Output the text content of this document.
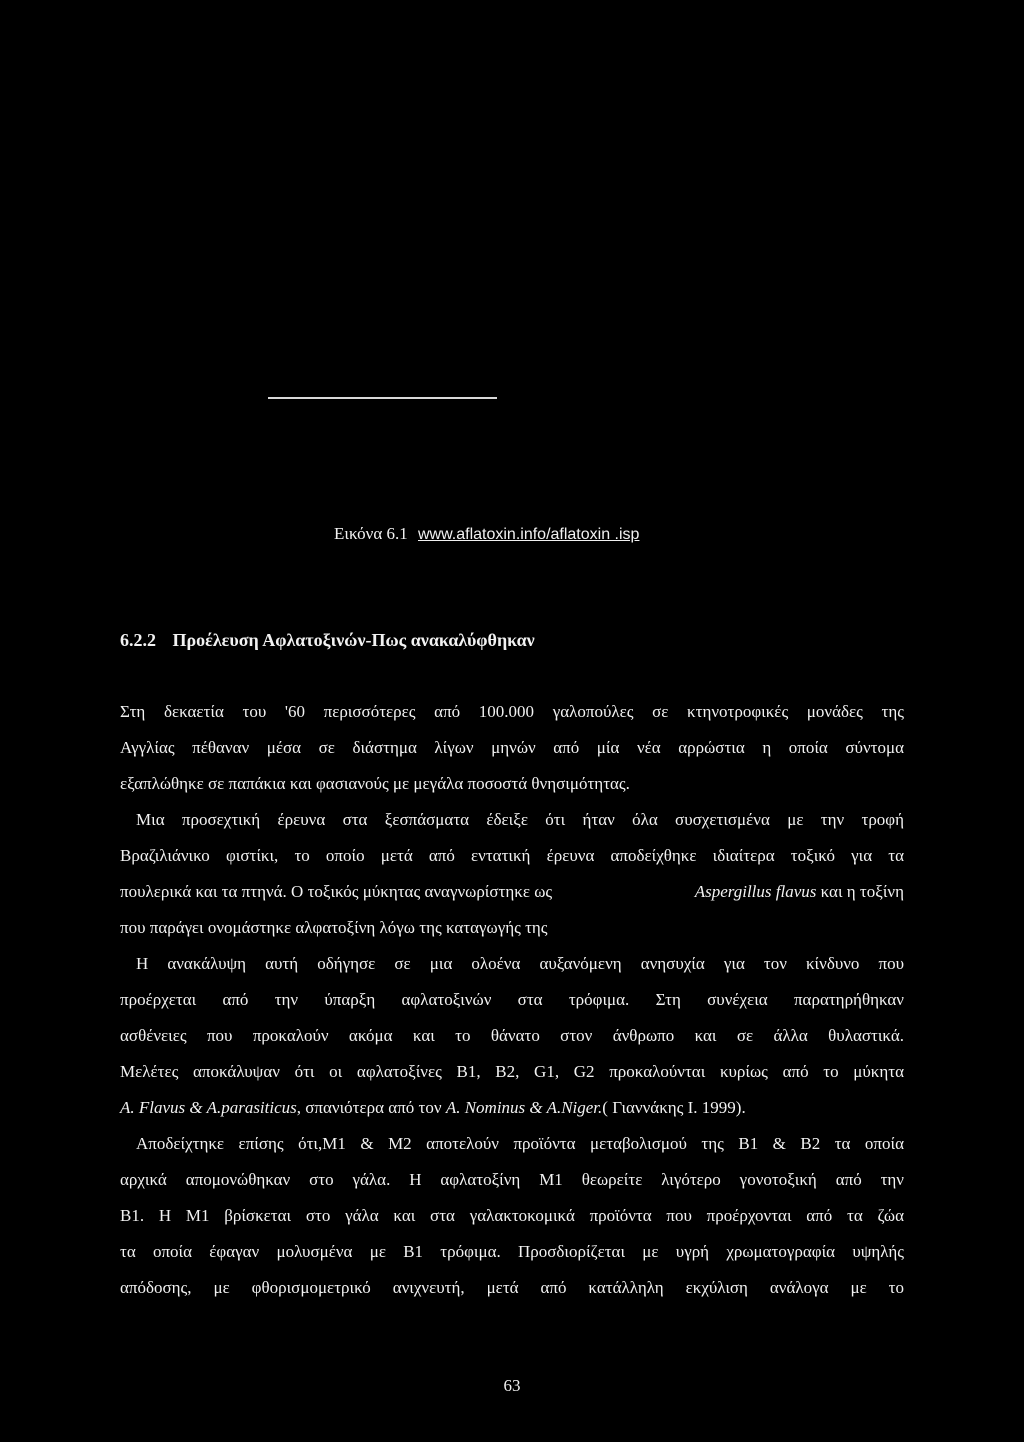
Εικόνα 6.1 www.aflatoxin.info/aflatoxin .isp
6.2.2 Προέλευση Αφλατοξινών-Πως ανακαλύφθηκαν
Στη δεκαετία του '60 περισσότερες από 100.000 γαλοπούλες σε κτηνοτροφικές μονάδες της
Αγγλίας πέθαναν μέσα σε διάστημα λίγων μηνών από μία νέα αρρώστια η οποία σύντομα
εξαπλώθηκε σε παπάκια και φασιανούς με μεγάλα ποσοστά θνησιμότητας.
Μια προσεχτική έρευνα στα ξεσπάσματα έδειξε ότι ήταν όλα συσχετισμένα με την τροφή
Βραζιλιάνικο φιστίκι, το οποίο μετά από εντατική έρευνα αποδείχθηκε ιδιαίτερα τοξικό για τα
πουλερικά και τα πτηνά. Ο τοξικός μύκητας αναγνωρίστηκε ως	Aspergillus flavus και η τοξίνη
που παράγει ονομάστηκε αλφατοξίνη λόγω της καταγωγής της
Η ανακάλυψη αυτή οδήγησε σε μια ολοένα αυξανόμενη ανησυχία για τον κίνδυνο που
προέρχεται από την ύπαρξη αφλατοξινών στα τρόφιμα. Στη συνέχεια παρατηρήθηκαν
ασθένειες που προκαλούν ακόμα και το θάνατο στον άνθρωπο και σε άλλα θυλαστικά.
Μελέτες αποκάλυψαν ότι οι αφλατοξίνες B1, B2, G1, G2 προκαλούνται κυρίως από το μύκητα
A. Flavus & A.parasiticus, σπανιότερα από τον A. Nominus & A.Niger.( Γιαννάκης Ι. 1999).
Αποδείχτηκε επίσης ότι,M1 & M2 αποτελούν προϊόντα μεταβολισμού της B1 & B2 τα οποία
αρχικά απομονώθηκαν στο γάλα. Η αφλατοξίνη M1 θεωρείτε λιγότερο γονοτοξική από την
B1. Η M1 βρίσκεται στο γάλα και στα γαλακτοκομικά προϊόντα που προέρχονται από τα ζώα
τα οποία έφαγαν μολυσμένα με B1 τρόφιμα. Προσδιορίζεται με υγρή χρωματογραφία υψηλής
απόδοσης, με φθορισμομετρικό ανιχνευτή, μετά από κατάλληλη εκχύλιση ανάλογα με το
63
